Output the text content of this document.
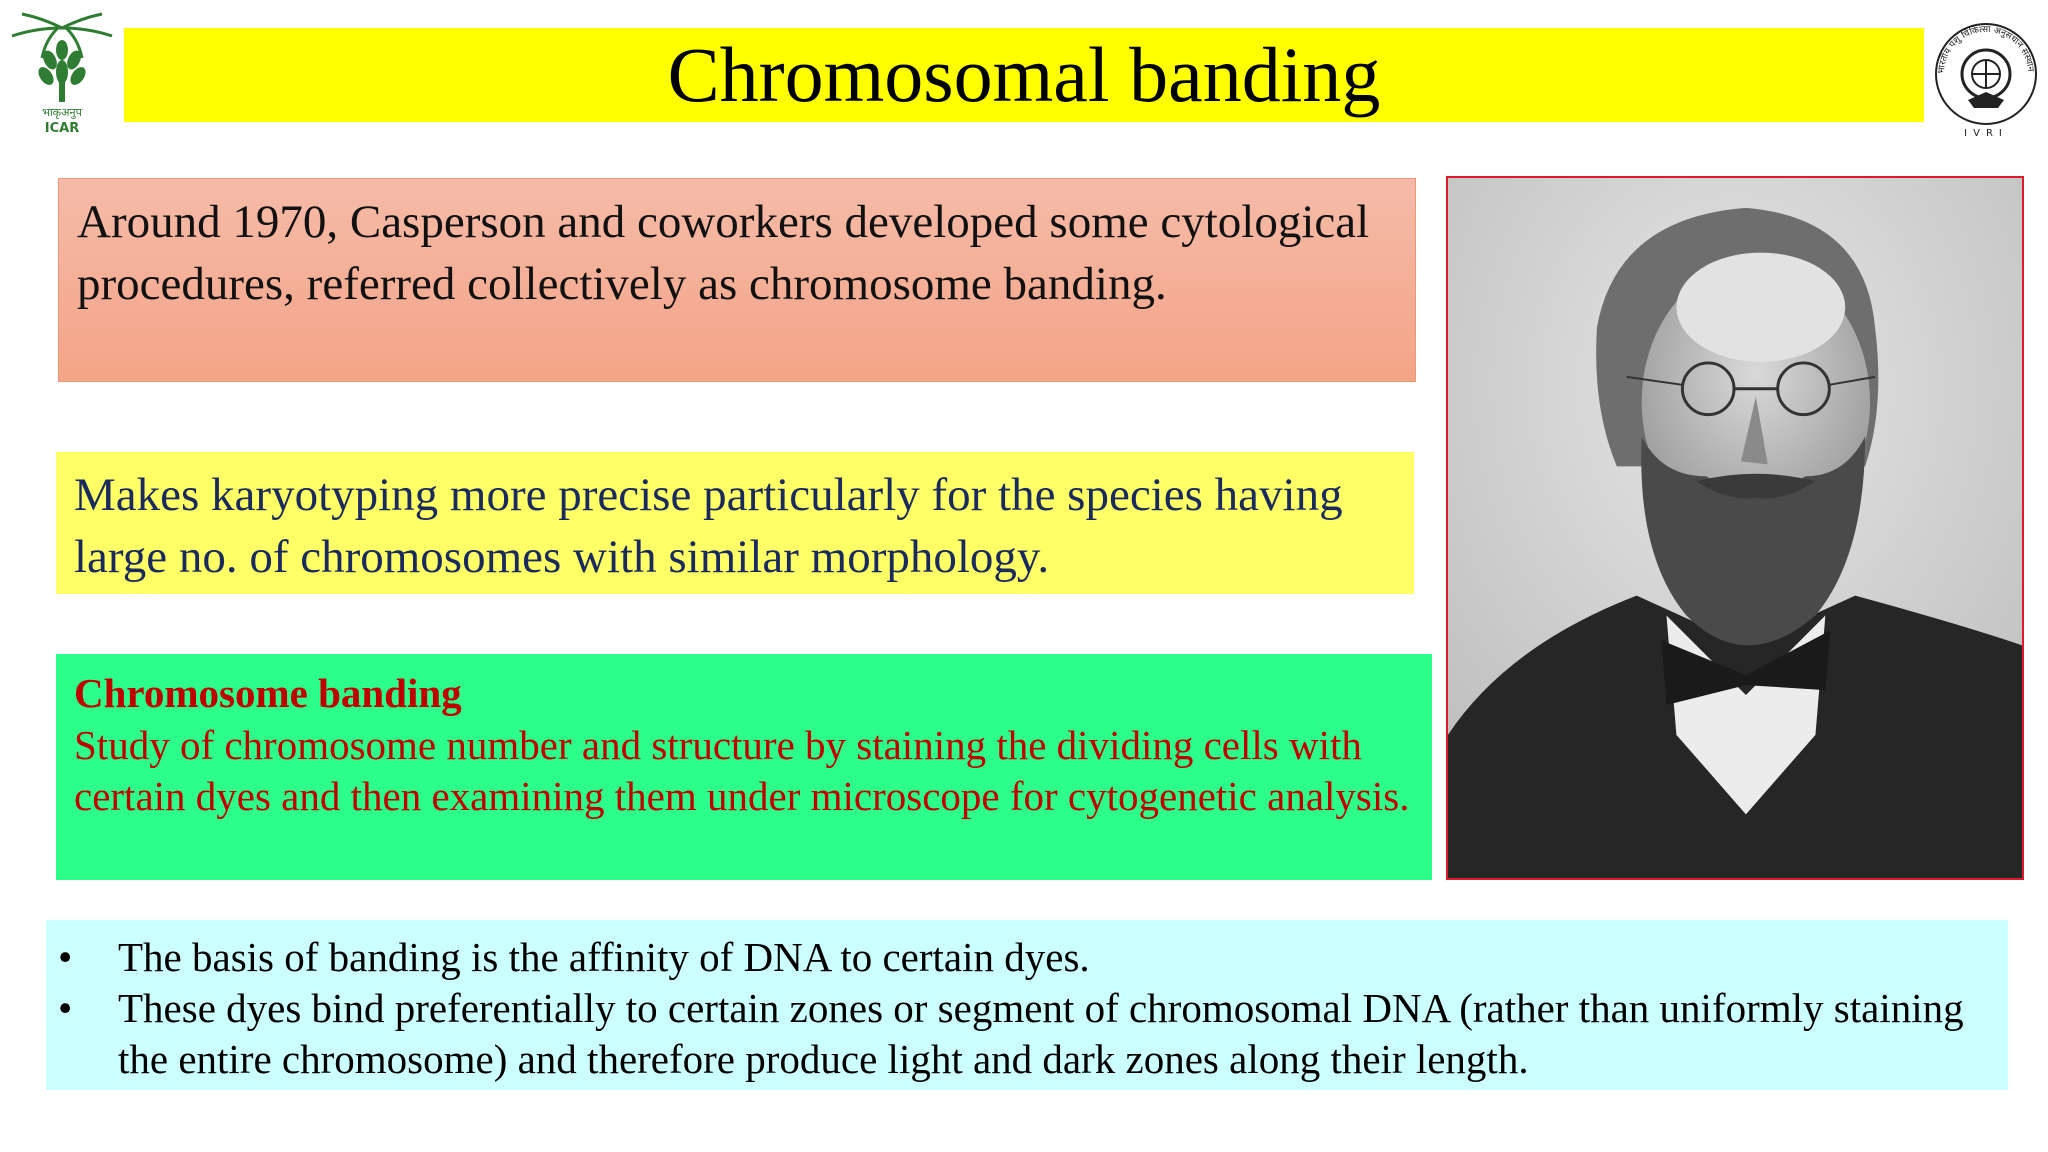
भाकृअनुप
ICAR
Chromosomal banding	भारतीय पशु चिकित्सा अनुसंधान संस्थान
IVRI
Around 1970, Casperson and coworkers developed some cytological procedures, referred collectively as chromosome banding.
Makes karyotyping more precise particularly for the species having large no. of chromosomes with similar morphology.
Chromosome banding
Study of chromosome number and structure by staining the dividing cells with certain dyes and then examining them under microscope for cytogenetic analysis.
• The basis of banding is the affinity of DNA to certain dyes.
• These dyes bind preferentially to certain zones or segment of chromosomal DNA (rather than uniformly staining the entire chromosome) and therefore produce light and dark zones along their length.
